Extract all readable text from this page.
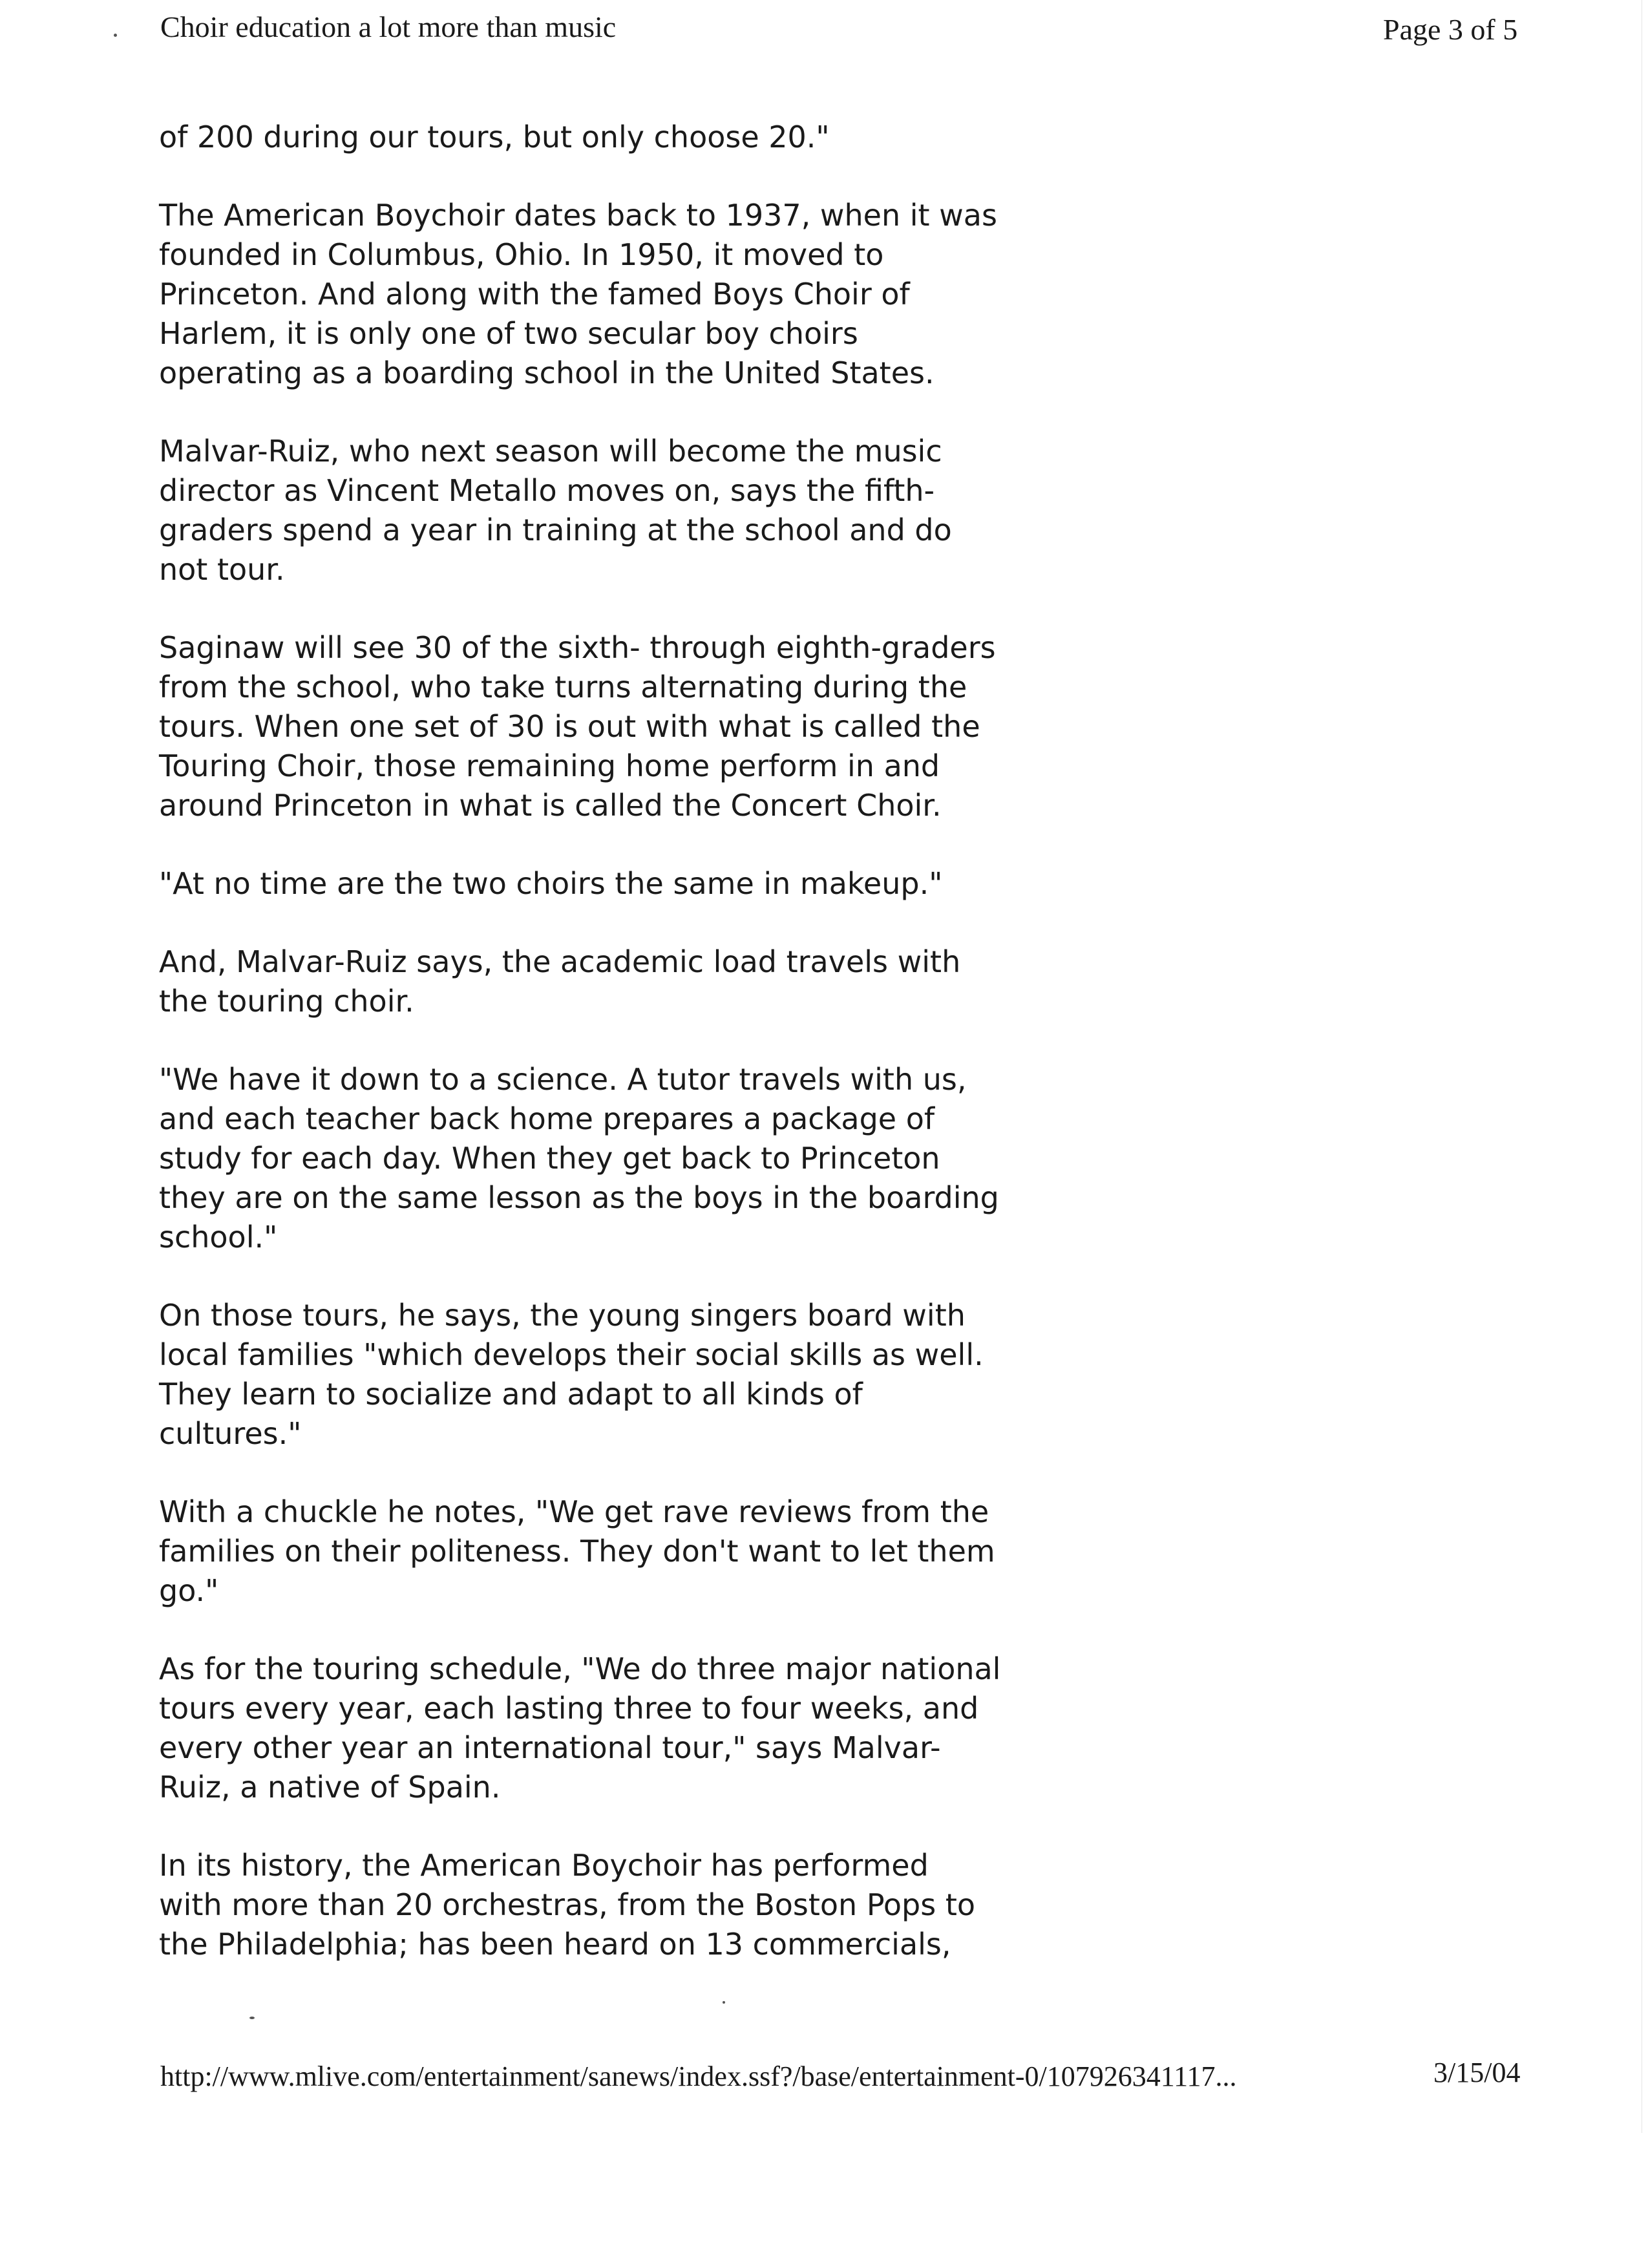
Choir education a lot more than music	Page 3 of 5

of 200 during our tours, but only choose 20."

The American Boychoir dates back to 1937, when it was
founded in Columbus, Ohio. In 1950, it moved to
Princeton. And along with the famed Boys Choir of
Harlem, it is only one of two secular boy choirs
operating as a boarding school in the United States.

Malvar-Ruiz, who next season will become the music
director as Vincent Metallo moves on, says the fifth-
graders spend a year in training at the school and do
not tour.

Saginaw will see 30 of the sixth- through eighth-graders
from the school, who take turns alternating during the
tours. When one set of 30 is out with what is called the
Touring Choir, those remaining home perform in and
around Princeton in what is called the Concert Choir.

"At no time are the two choirs the same in makeup."

And, Malvar-Ruiz says, the academic load travels with
the touring choir.

"We have it down to a science. A tutor travels with us,
and each teacher back home prepares a package of
study for each day. When they get back to Princeton
they are on the same lesson as the boys in the boarding
school."

On those tours, he says, the young singers board with
local families "which develops their social skills as well.
They learn to socialize and adapt to all kinds of
cultures."

With a chuckle he notes, "We get rave reviews from the
families on their politeness. They don't want to let them
go."

As for the touring schedule, "We do three major national
tours every year, each lasting three to four weeks, and
every other year an international tour," says Malvar-
Ruiz, a native of Spain.

In its history, the American Boychoir has performed
with more than 20 orchestras, from the Boston Pops to
the Philadelphia; has been heard on 13 commercials,

http://www.mlive.com/entertainment/sanews/index.ssf?/base/entertainment-0/107926341117...	3/15/04
